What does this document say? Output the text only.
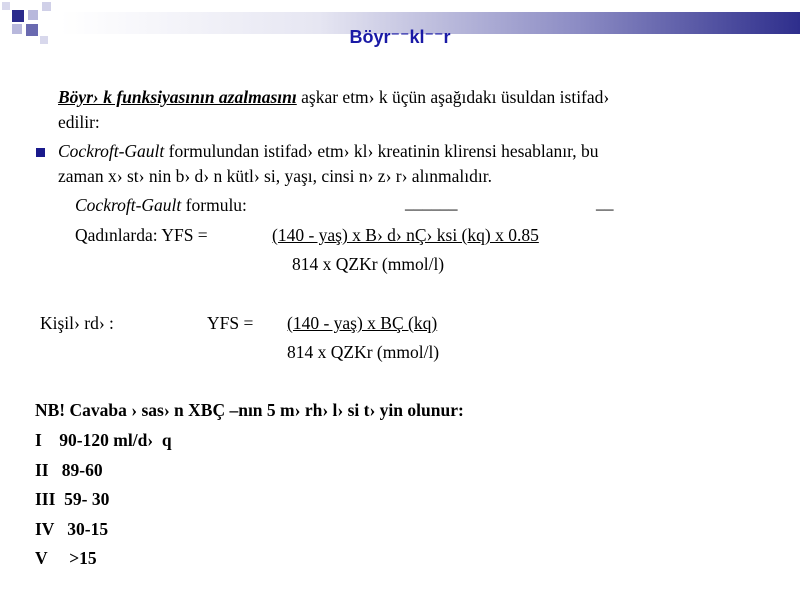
Böyr⁻⁻kl⁻⁻r
Böyr› k funksiyasının azalmasını aşkar etm› k üçün aşağıdakı üsuldan istifad›
edilir:
Cockroft-Gault formulundan istifad› etm› kl› kreatinin klirensi hesablanır, bu
zaman x› st› nin b› d› n kütl› si, yaşı, cinsi n› z› r› alınmalıdır.
Cockroft-Gault formulu:	______	__
Qadınlarda: YFS =	(140 - yaş) x B› d› nÇ› ksi (kq) x 0.85
814 x QZKr (mmol/l)
Kişil› rd› :	YFS = (140 - yaş) x BÇ (kq)
814 x QZKr (mmol/l)
NB! Cavaba › sas› n XBÇ –nın 5 m› rh› l› si t› yin olunur:
I    90-120 ml/d›  q
II   89-60
III  59- 30
IV   30-15
V     >15
